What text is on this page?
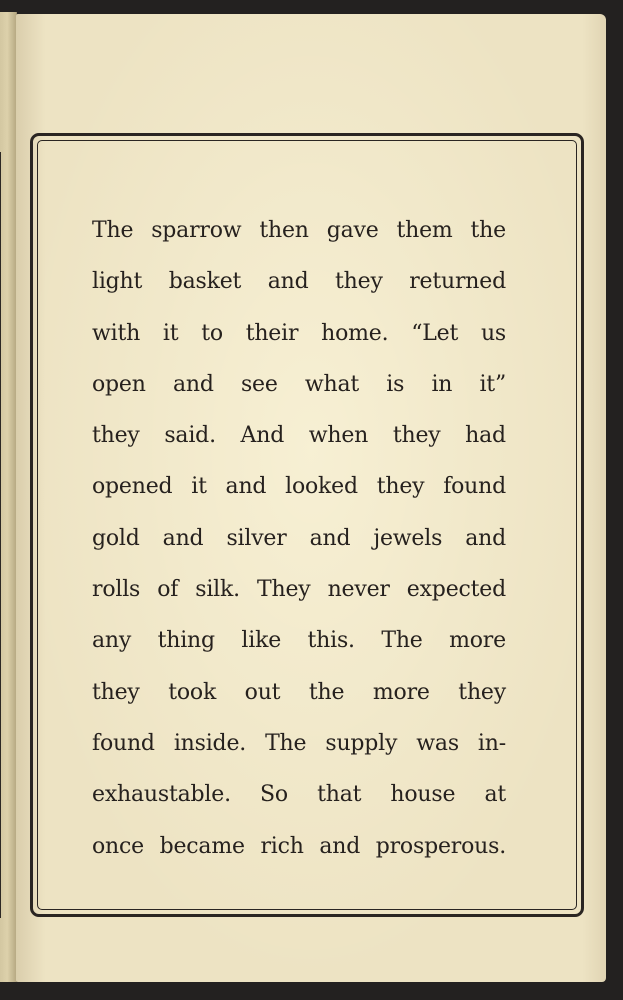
The sparrow then gave them the
light basket and they returned
with it to their home. “Let us
open and see what is in it”
they said. And when they had
opened it and looked they found
gold and silver and jewels and
rolls of silk. They never expected
any thing like this. The more
they took out the more they
found inside. The supply was in-
exhaustable. So that house at
once became rich and prosperous.
